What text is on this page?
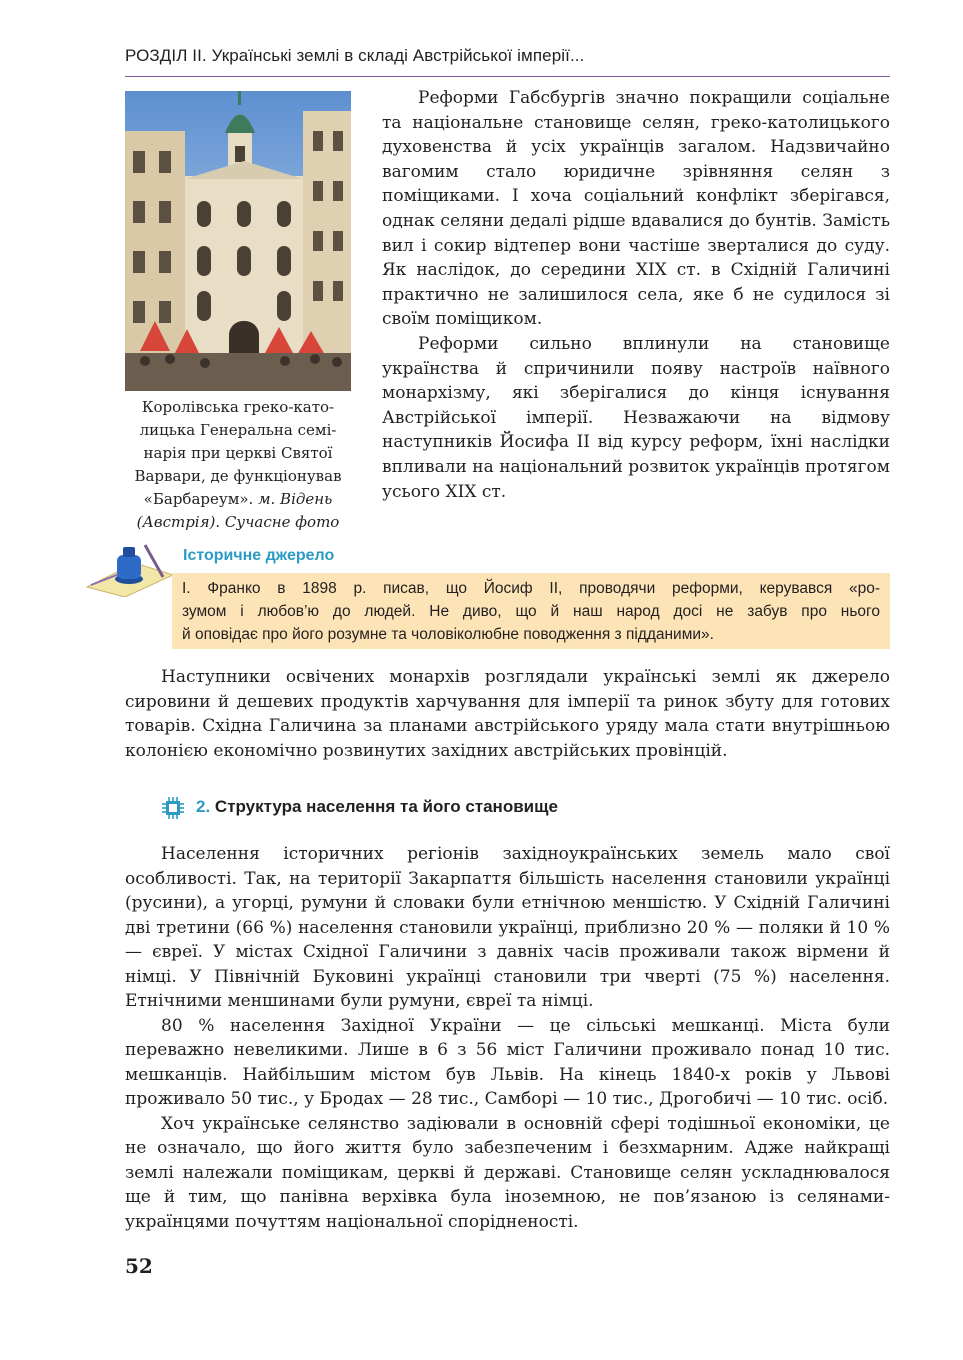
РОЗДІЛ II. Українські землі в складі Австрійської імперії...
Королівська греко-като-
лицька Генеральна семі-
нарія при церкві Святої
Варвари, де функціонував
«Барбареум». м. Відень
(Австрія). Сучасне фото

Реформи Габсбургів значно покращили соціальне та національне становище селян, греко-католицького духовенства й усіх українців загалом. Надзвичайно вагомим стало юридичне зрівняння селян з поміщиками. І хоча соціальний конфлікт зберігався, однак селяни дедалі рідше вдавалися до бунтів. Замість вил і сокир відтепер вони частіше зверталися до суду. Як наслідок, до середини XIX ст. в Східній Галичині практично не залишилося села, яке б не судилося зі своїм поміщиком.

Реформи сильно вплинули на становище українства й спричинили появу настроїв наївного монархізму, які зберігалися до кінця існування Австрійської імперії. Незважаючи на відмову наступників Йосифа II від курсу реформ, їхні наслідки впливали на національний розвиток українців протягом усього XIX ст.

Історичне джерело
І. Франко в 1898 р. писав, що Йосиф II, проводячи реформи, керувався «ро-
зумом і любов’ю до людей. Не диво, що й наш народ досі не забув про нього
й оповідає про його розумне та чоловіколюбне поводження з підданими».

Наступники освічених монархів розглядали українські землі як джерело сировини й дешевих продуктів харчування для імперії та ринок збуту для готових товарів. Східна Галичина за планами австрійського уряду мала стати внутрішньою колонією економічно розвинутих західних австрійських провінцій.

2. Структура населення та його становище

Населення історичних регіонів західноукраїнських земель мало свої особливості. Так, на території Закарпаття більшість населення становили українці (русини), а угорці, румуни й словаки були етнічною меншістю. У Східній Галичині дві третини (66 %) населення становили українці, приблизно 20 % — поляки й 10 % — євреї. У містах Східної Галичини з давніх часів проживали також вірмени й німці. У Північній Буковині українці становили три чверті (75 %) населення. Етнічними меншинами були румуни, євреї та німці.

80 % населення Західної України — це сільські мешканці. Міста були переважно невеликими. Лише в 6 з 56 міст Галичини проживало понад 10 тис. мешканців. Найбільшим містом був Львів. На кінець 1840-х років у Львові проживало 50 тис., у Бродах — 28 тис., Самборі — 10 тис., Дрогобичі — 10 тис. осіб.

Хоч українське селянство задіювали в основній сфері тодішньої економіки, це не означало, що його життя було забезпеченим і безхмарним. Адже найкращі землі належали поміщикам, церкві й державі. Становище селян ускладнювалося ще й тим, що панівна верхівка була іноземною, не пов’язаною із селянами-українцями почуттям національної спорідненості.

52
